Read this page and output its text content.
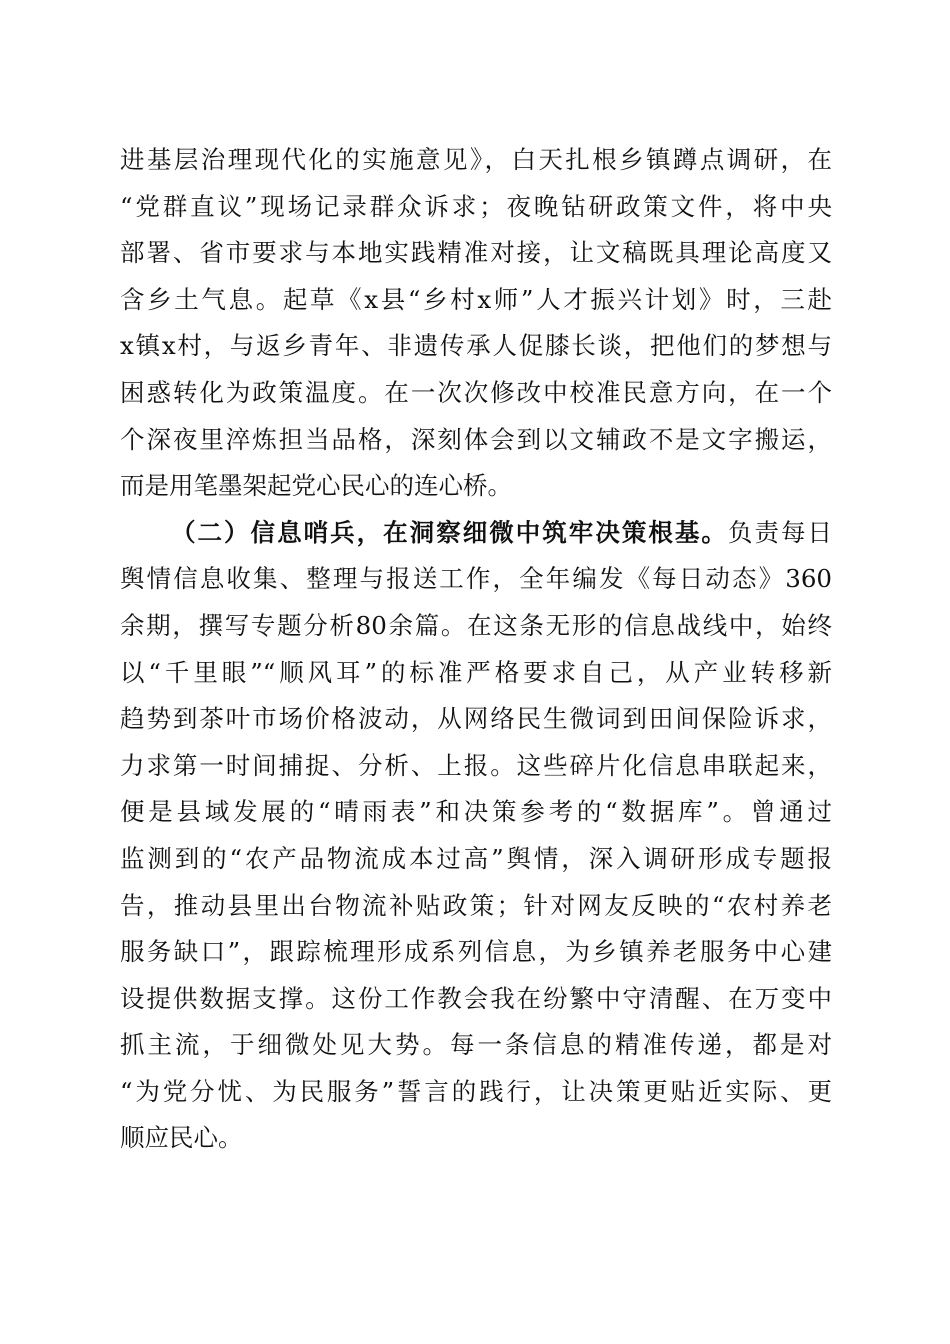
进基层治理现代化的实施意见》，白天扎根乡镇蹲点调研，在
“党群直议”现场记录群众诉求；夜晚钻研政策文件，将中央
部署、省市要求与本地实践精准对接，让文稿既具理论高度又
含乡土气息。起草《x县“乡村x师”人才振兴计划》时，三赴
x镇x村，与返乡青年、非遗传承人促膝长谈，把他们的梦想与
困惑转化为政策温度。在一次次修改中校准民意方向，在一个
个深夜里淬炼担当品格，深刻体会到以文辅政不是文字搬运，
而是用笔墨架起党心民心的连心桥。
（二）信息哨兵，在洞察细微中筑牢决策根基。负责每日
舆情信息收集、整理与报送工作，全年编发《每日动态》360
余期，撰写专题分析80余篇。在这条无形的信息战线中，始终
以“千里眼”“顺风耳”的标准严格要求自己，从产业转移新
趋势到茶叶市场价格波动，从网络民生微词到田间保险诉求，
力求第一时间捕捉、分析、上报。这些碎片化信息串联起来，
便是县域发展的“晴雨表”和决策参考的“数据库”。曾通过
监测到的“农产品物流成本过高”舆情，深入调研形成专题报
告，推动县里出台物流补贴政策；针对网友反映的“农村养老
服务缺口”，跟踪梳理形成系列信息，为乡镇养老服务中心建
设提供数据支撑。这份工作教会我在纷繁中守清醒、在万变中
抓主流，于细微处见大势。每一条信息的精准传递，都是对
“为党分忧、为民服务”誓言的践行，让决策更贴近实际、更
顺应民心。
